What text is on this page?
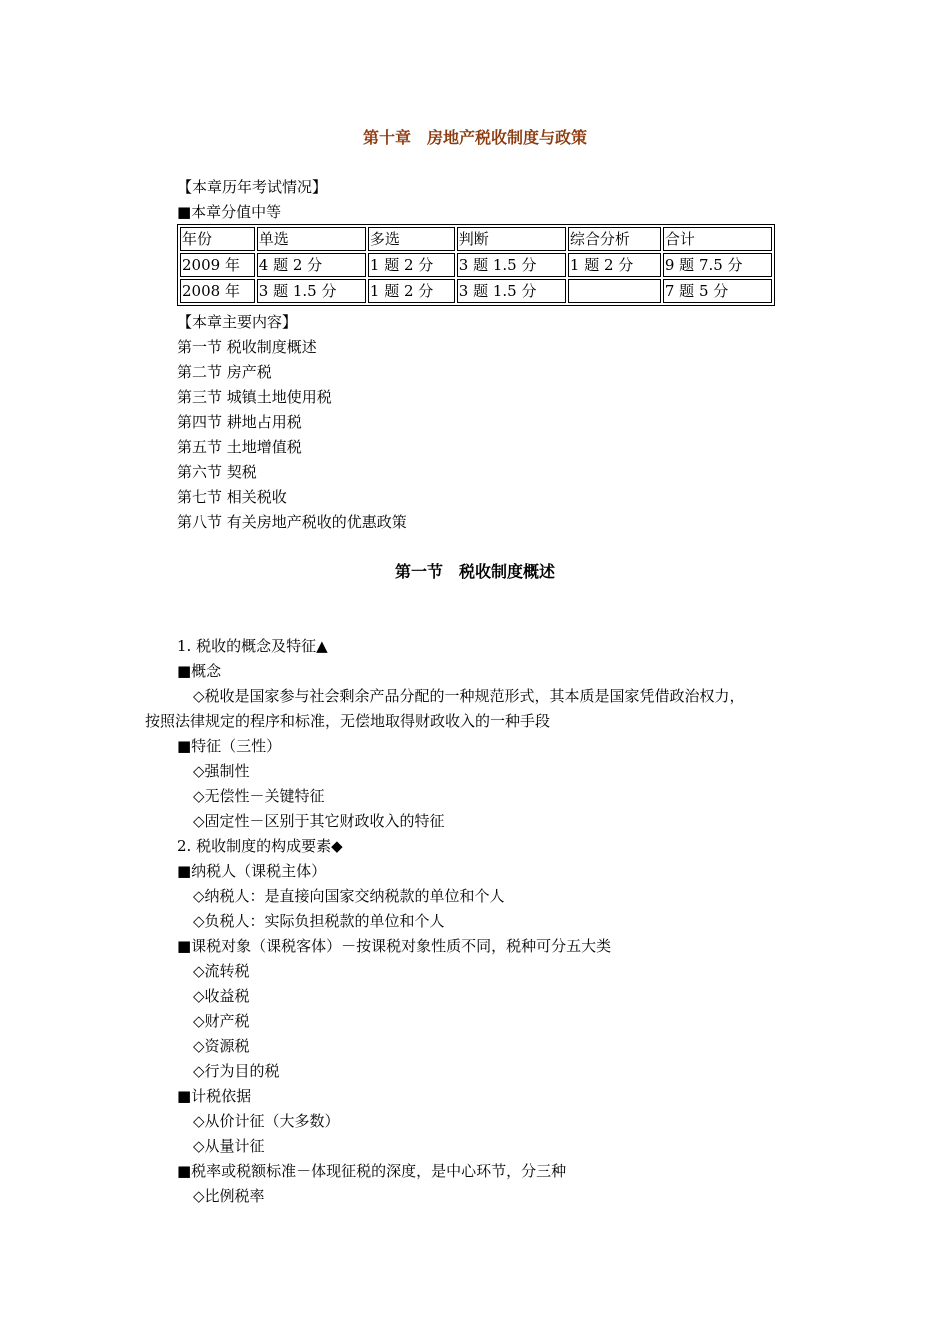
第十章　房地产税收制度与政策
【本章历年考试情况】
■本章分值中等
年份	单选	多选	判断	综合分析	合计
2009 年	4 题 2 分	1 题 2 分	3 题 1.5 分	1 题 2 分	9 题 7.5 分
2008 年	3 题 1.5 分	1 题 2 分	3 题 1.5 分		7 题 5 分
【本章主要内容】
第一节 税收制度概述
第二节 房产税
第三节 城镇土地使用税
第四节 耕地占用税
第五节 土地增值税
第六节 契税
第七节 相关税收
第八节 有关房地产税收的优惠政策
第一节　税收制度概述
1. 税收的概念及特征▲
■概念
◇税收是国家参与社会剩余产品分配的一种规范形式，其本质是国家凭借政治权力，
按照法律规定的程序和标准，无偿地取得财政收入的一种手段
■特征（三性）
◇强制性
◇无偿性－关键特征
◇固定性－区别于其它财政收入的特征
2. 税收制度的构成要素◆
■纳税人（课税主体）
◇纳税人：是直接向国家交纳税款的单位和个人
◇负税人：实际负担税款的单位和个人
■课税对象（课税客体）－按课税对象性质不同，税种可分五大类
◇流转税
◇收益税
◇财产税
◇资源税
◇行为目的税
■计税依据
◇从价计征（大多数）
◇从量计征
■税率或税额标准－体现征税的深度，是中心环节，分三种
◇比例税率
